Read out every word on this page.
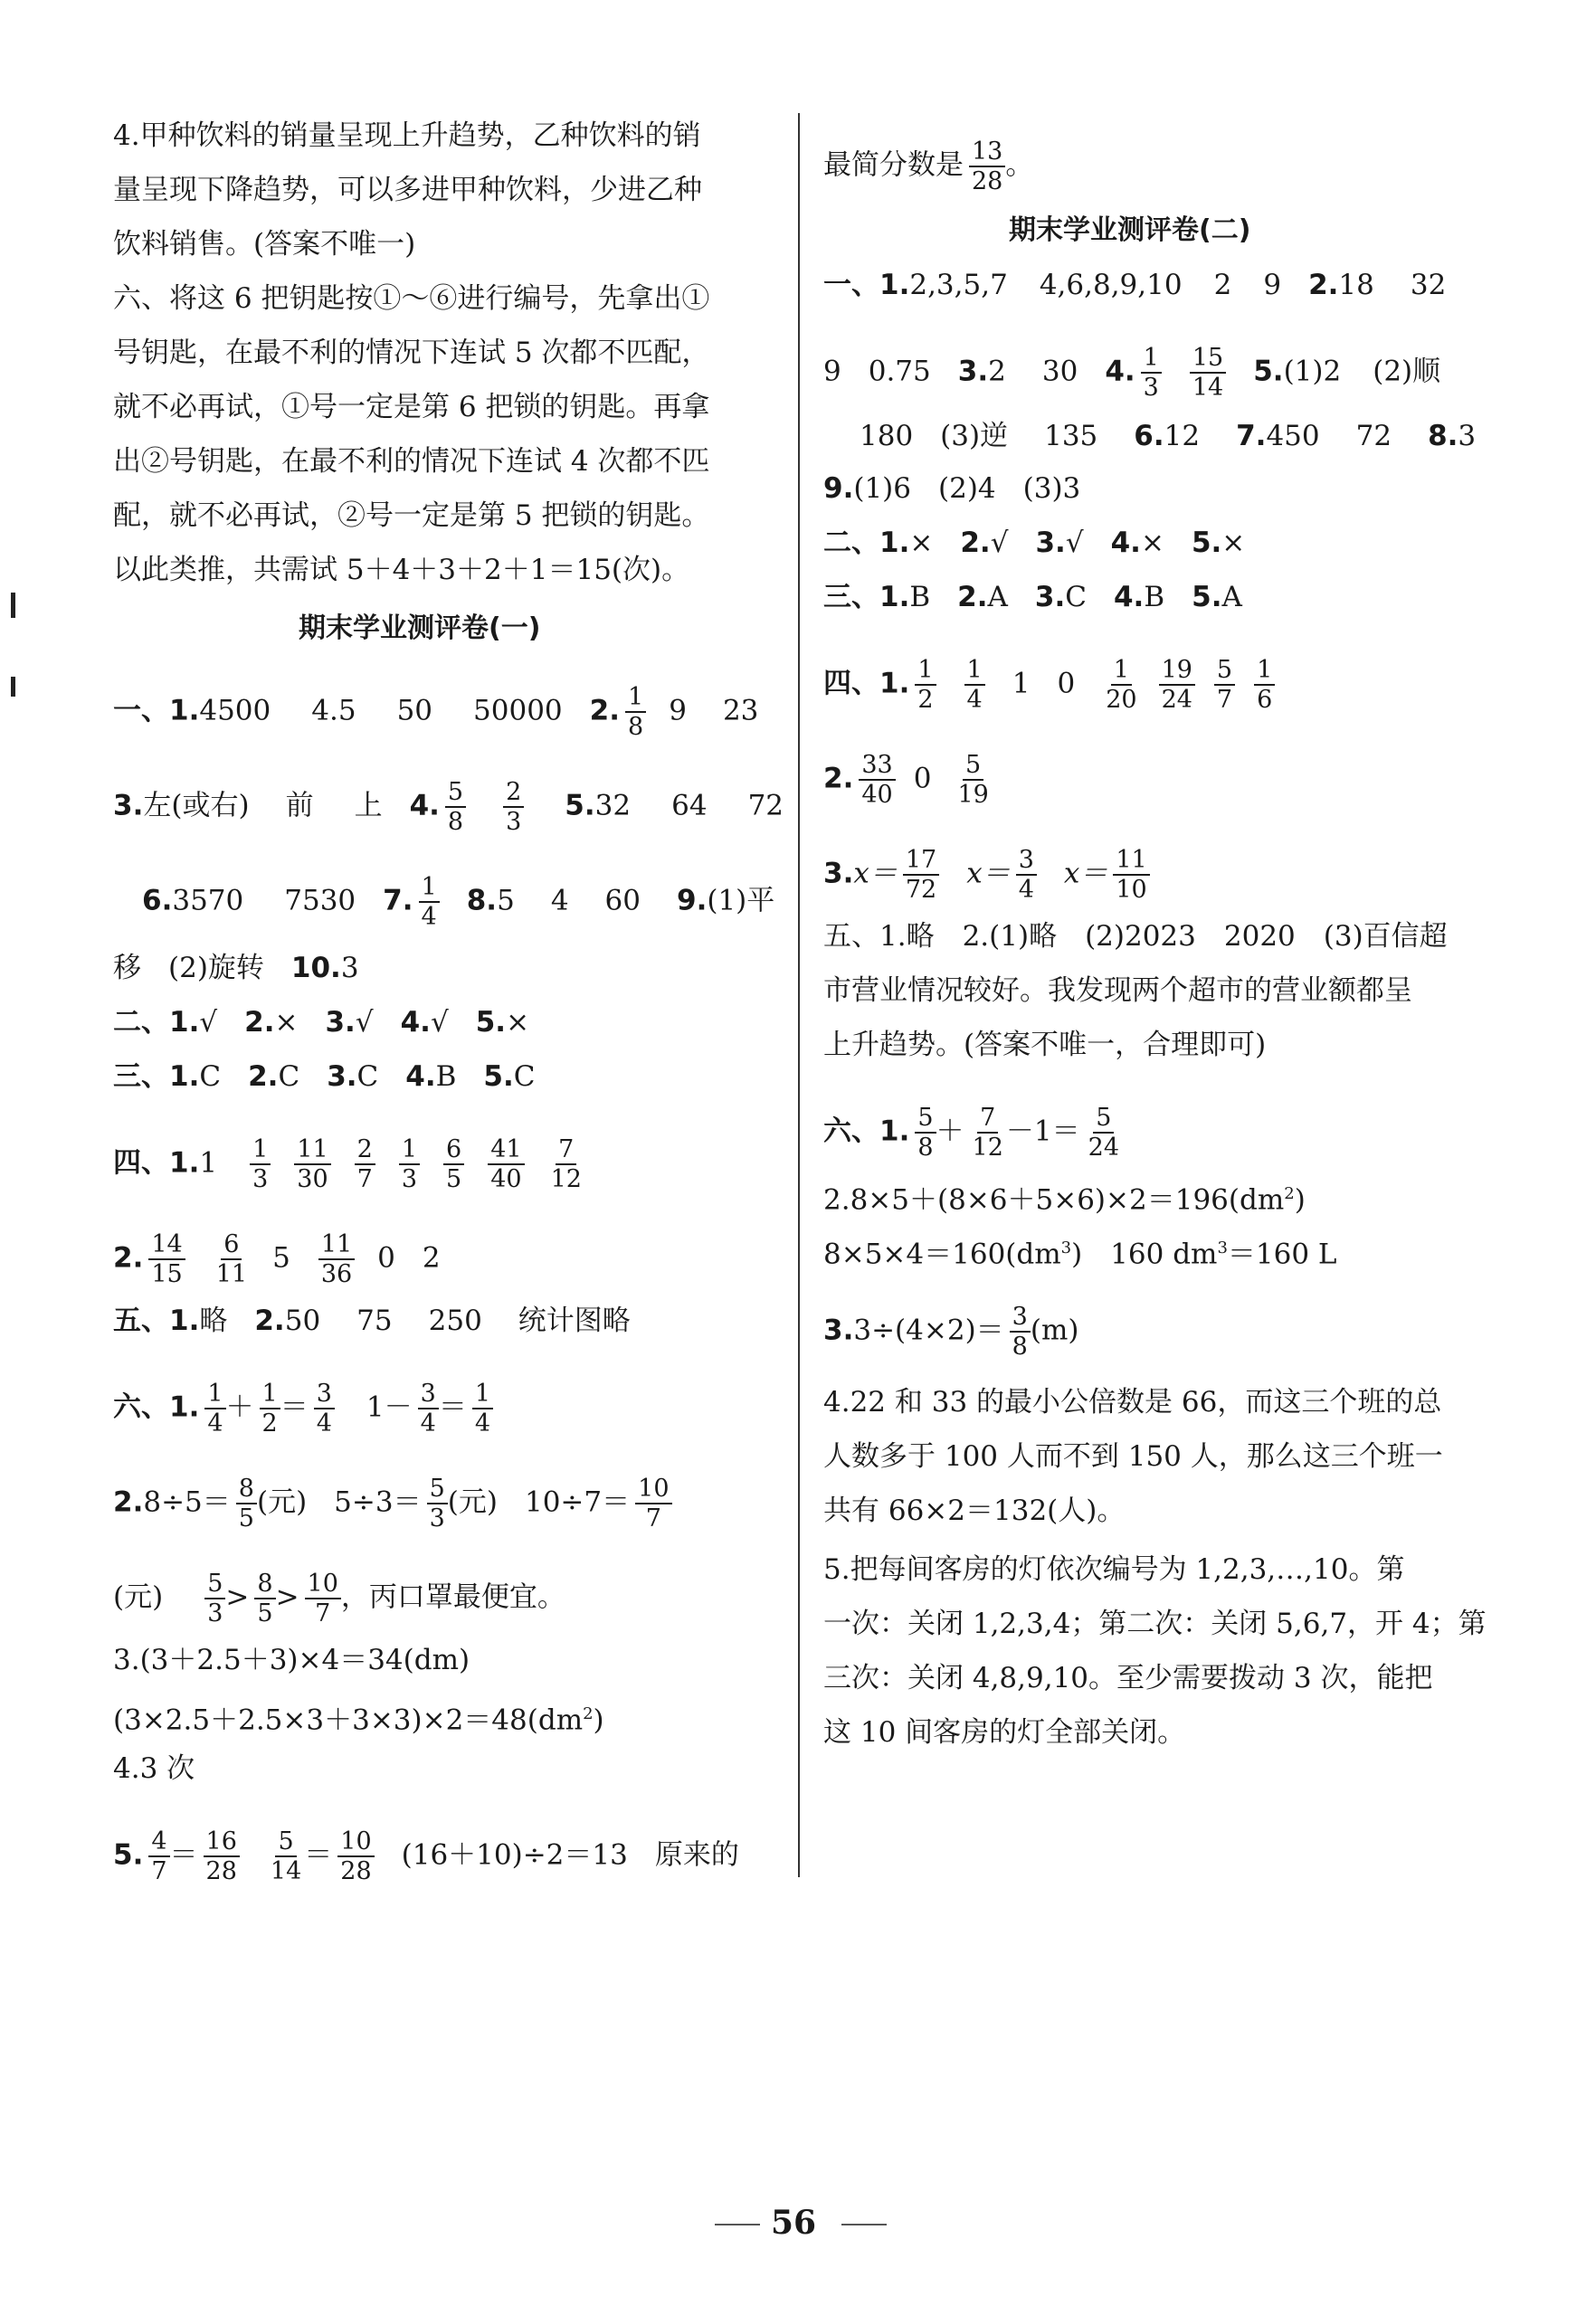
4.甲种饮料的销量呈现上升趋势，乙种饮料的销
量呈现下降趋势，可以多进甲种饮料，少进乙种
饮料销售。(答案不唯一)
六、将这 6 把钥匙按①～⑥进行编号，先拿出①
号钥匙，在最不利的情况下连试 5 次都不匹配，
就不必再试，①号一定是第 6 把锁的钥匙。再拿
出②号钥匙，在最不利的情况下连试 4 次都不匹
配，就不必再试，②号一定是第 5 把锁的钥匙。
以此类推，共需试 5＋4＋3＋2＋1＝15(次)。
期末学业测评卷(一)
一、1.4500 4.5 50 50000 2. $\frac{1}{8} 9$ 23
3.左(或右) 前 上 4. $\frac{5}{8} \frac{2}{3} 5.32$ 64 72
6.3570 7530 7. $\frac{1}{4} 8.5$ 4 60 9.(1)平
移 (2)旋转 10.3
二、1.√ 2.× 3.√ 4.√ 5.×
三、1.C 2.C 3.C 4.B 5.C
四、$1.1 \frac{1}{3} \frac{11}{30} \frac{2}{7} \frac{1}{3} \frac{6}{5} \frac{41}{40} \frac{7}{12}$
2. $\frac{14}{15} \frac{6}{11} 5 \frac{11}{36} 0$ 2
五、1.略 2.50 75 250 统计图略
六、1. $\frac{1}{4} + \frac{1}{2} = \frac{3}{4} 1- \frac{3}{4} = \frac{1}{4}$
$2.8\div 5= \frac{8}{5}$ (元) $5\div 3= \frac{5}{3}$ (元) $10\div 7= \frac{10}{7}$
(元) $\frac{5}{3} > \frac{8}{5} > \frac{10}{7}$ ，丙口罩最便宜。
3.(3＋2.5＋3)×4＝34(dm)
$(3\times 2.5+2.5\times 3+3\times 3)\times 2=48(dm^2)$
4.3 次
5. $\frac{4}{7} = \frac{16}{28} \frac{5}{14} = \frac{10}{28} (16+10)\div 2=13$ 原来的
最简分数是 $\frac{13}{28}$ 。
期末学业测评卷(二)
一、1.2,3,5,7 4,6,8,9,10 2 9 2.18 32
9 0.75 3.2 30 4. $\frac{1}{3} \frac{15}{14} 5.(1)2$ (2)顺
180 (3)逆 135 6.12 7.450 72 8.3
9.(1)6 (2)4 (3)3
二、1.× 2.√ 3.√ 4.× 5.×
三、1.B 2.A 3.C 4.B 5.A
四、1. $\frac{1}{2} \frac{1}{4} 1$ $0 \frac{1}{20} \frac{19}{24} \frac{5}{7} \frac{1}{6}$
2. $\frac{33}{40} 0 \frac{5}{19}$
$3.x= \frac{17}{72} x= \frac{3}{4} x= \frac{11}{10}$
五、1.略　2.(1)略　(2)2023　2020　(3)百信超
市营业情况较好。我发现两个超市的营业额都呈
上升趋势。(答案不唯一，合理即可)
六、1. $\frac{5}{8} + \frac{7}{12} -1= \frac{5}{24}$
$2.8\times 5+(8\times 6+5\times 6)\times 2=196(dm^2)$
$8\times 5\times 4=160(dm^3)$　160 $dm^3=160$ L
$3.3\div(4\times 2)= \frac{3}{8} (m)$
4.22 和 33 的最小公倍数是 66，而这三个班的总
人数多于 100 人而不到 150 人，那么这三个班一
共有 66×2＝132(人)。
5.把每间客房的灯依次编号为 1,2,3,…,10。第
一次：关闭 1,2,3,4；第二次：关闭 5,6,7，开 4；第
三次：关闭 4,8,9,10。至少需要拨动 3 次，能把
这 10 间客房的灯全部关闭。
56
